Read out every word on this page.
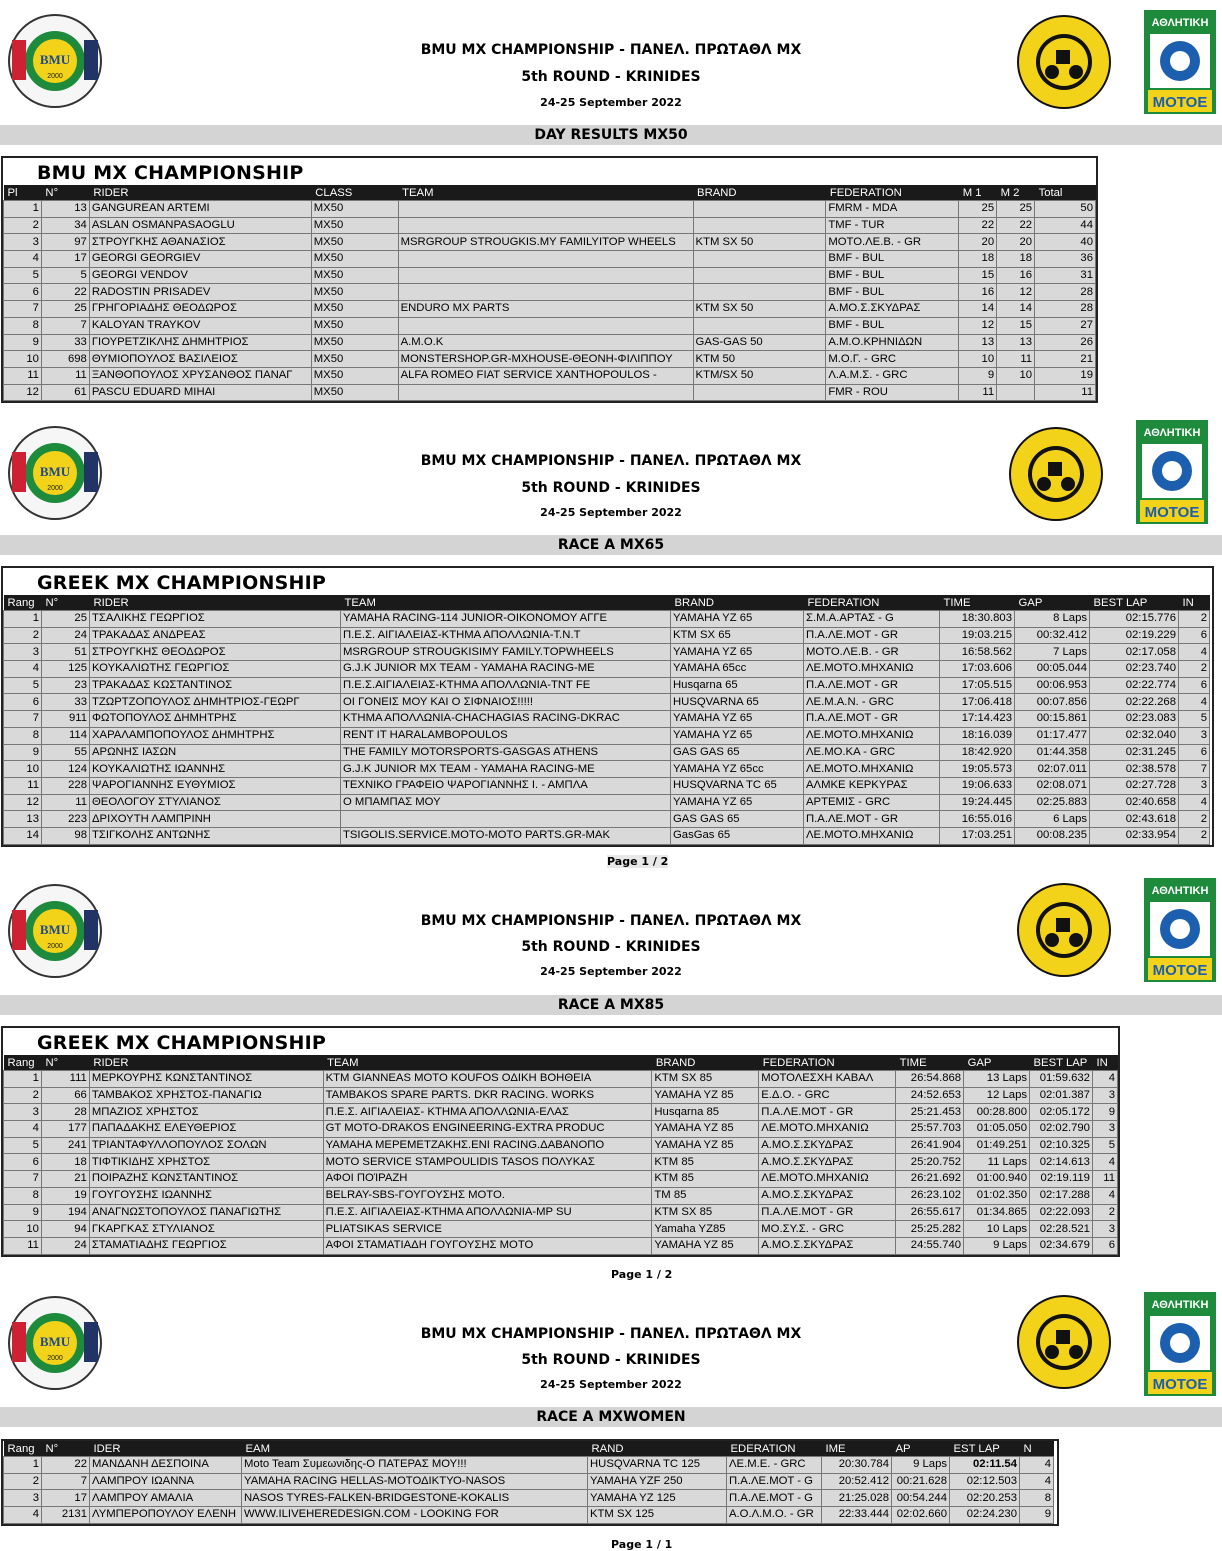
BMU
2000
BMU MX CHAMPIONSHIP - ΠΑΝΕΛ. ΠΡΩΤΑΘΛ MX
5th ROUND - KRINIDES
24-25 September 2022
ΑΘΛΗΤΙΚΗ
ΜΟΤΟΕ
DAY RESULTS MX50
BMU MX CHAMPIONSHIP
Pl	N°	RIDER	CLASS	TEAM	BRAND	FEDERATION	M 1	M 2	Total
1	13	GANGUREAN ARTEMI	MX50			FMRM - MDA	25	25	50
2	34	ASLAN OSMANPASAOGLU	MX50			TMF - TUR	22	22	44
3	97	ΣΤΡΟΥΓΚΗΣ ΑΘΑΝΑΣΙΟΣ	MX50	MSRGROUP STROUGKIS.MY FAMILYITOP WHEELS	KTM SX 50	ΜΟΤΟ.ΛΕ.Β. - GR	20	20	40
4	17	GEORGI GEORGIEV	MX50			BMF - BUL	18	18	36
5	5	GEORGI VENDOV	MX50			BMF - BUL	15	16	31
6	22	RADOSTIN PRISADEV	MX50			BMF - BUL	16	12	28
7	25	ΓΡΗΓΟΡΙΑΔΗΣ ΘΕΟΔΩΡΟΣ	MX50	ENDURO MX PARTS	KTM SX 50	Α.ΜΟ.Σ.ΣΚΥΔΡΑΣ	14	14	28
8	7	KALOYAN TRAYKOV	MX50			BMF - BUL	12	15	27
9	33	ΓΙΟΥΡΕΤΖΙΚΛΗΣ ΔΗΜΗΤΡΙΟΣ	MX50	Α.Μ.Ο.Κ	GAS-GAS 50	Α.Μ.Ο.ΚΡΗΝΙΔΩΝ	13	13	26
10	698	ΘΥΜΙΟΠΟΥΛΟΣ ΒΑΣΙΛΕΙΟΣ	MX50	MONSTERSHOP.GR-MXHOUSE-ΘΕΟΝΗ-ΦΙΛΙΠΠΟΥ	KTM 50	Μ.Ο.Γ. - GRC	10	11	21
11	11	ΞΑΝΘΟΠΟΥΛΟΣ ΧΡΥΣΑΝΘΟΣ ΠΑΝΑΓ	MX50	ALFA ROMEO FIAT SERVICE XANTHOPOULOS -	KTM/SX 50	Λ.Α.Μ.Σ. - GRC	9	10	19
12	61	PASCU EDUARD MIHAI	MX50			FMR - ROU	11		11
BMU
2000
BMU MX CHAMPIONSHIP - ΠΑΝΕΛ. ΠΡΩΤΑΘΛ MX
5th ROUND - KRINIDES
24-25 September 2022
ΑΘΛΗΤΙΚΗ
ΜΟΤΟΕ
RACE A MX65
GREEK MX CHAMPIONSHIP
Rang	N°	RIDER	TEAM	BRAND	FEDERATION	TIME	GAP	BEST LAP	IN
1	25	ΤΣΑΛΙΚΗΣ ΓΕΩΡΓΙΟΣ	YAMAHA RACING-114 JUNIOR-ΟΙΚΟΝΟΜΟΥ ΑΓΓΕ	YAMAHA YZ 65	Σ.Μ.Α.ΑΡΤΑΣ - G	18:30.803	8 Laps	02:15.776	2
2	24	ΤΡΑΚΑΔΑΣ ΑΝΔΡΕΑΣ	Π.Ε.Σ. ΑΙΓΙΑΛΕΙΑΣ-ΚΤΗΜΑ ΑΠΟΛΛΩΝΙΑ-Τ.Ν.Τ	KTM SX 65	Π.Α.ΛΕ.ΜΟΤ - GR	19:03.215	00:32.412	02:19.229	6
3	51	ΣΤΡΟΥΓΚΗΣ ΘΕΟΔΩΡΟΣ	MSRGROUP STROUGKISIMY FAMILY.TOPWHEELS	YAMAHA YZ 65	ΜΟΤΟ.ΛΕ.Β. - GR	16:58.562	7 Laps	02:17.058	4
4	125	ΚΟΥΚΑΛΙΩΤΗΣ ΓΕΩΡΓΙΟΣ	G.J.K JUNIOR MX TEAM - YAMAHA RACING-ME	YAMAHA 65cc	ΛΕ.ΜΟΤΟ.ΜΗΧΑΝΙΩ	17:03.606	00:05.044	02:23.740	2
5	23	ΤΡΑΚΑΔΑΣ ΚΩΣΤΑΝΤΙΝΟΣ	Π.Ε.Σ.ΑΙΓΙΑΛΕΙΑΣ-ΚΤΗΜΑ ΑΠΟΛΛΩΝΙΑ-TNT FE	Husqarna 65	Π.Α.ΛΕ.ΜΟΤ - GR	17:05.515	00:06.953	02:22.774	6
6	33	ΤΖΩΡΤΖΟΠΟΥΛΟΣ ΔΗΜΗΤΡΙΟΣ-ΓΕΩΡΓ	ΟΙ ΓΟΝΕΙΣ ΜΟΥ ΚΑΙ Ο ΣΙΦΝΑΙΟΣ!!!!!	HUSQVARNA 65	ΛΕ.Μ.Α.Ν. - GRC	17:06.418	00:07.856	02:22.268	4
7	911	ΦΩΤΟΠΟΥΛΟΣ ΔΗΜΗΤΡΗΣ	ΚΤΗΜΑ ΑΠΟΛΛΩΝΙΑ-CHACHAGIAS RACING-DKRAC	YAMAHA YZ 65	Π.Α.ΛΕ.ΜΟΤ - GR	17:14.423	00:15.861	02:23.083	5
8	114	ΧΑΡΑΛΑΜΠΟΠΟΥΛΟΣ ΔΗΜΗΤΡΗΣ	RENT IT HARALAMBOPOULOS	YAMAHA YZ 65	ΛΕ.ΜΟΤΟ.ΜΗΧΑΝΙΩ	18:16.039	01:17.477	02:32.040	3
9	55	ΑΡΩΝΗΣ ΙΑΣΩΝ	THE FAMILY MOTORSPORTS-GASGAS ATHENS	GAS GAS 65	ΛΕ.ΜΟ.ΚΑ - GRC	18:42.920	01:44.358	02:31.245	6
10	124	ΚΟΥΚΑΛΙΩΤΗΣ ΙΩΑΝΝΗΣ	G.J.K JUNIOR MX TEAM - YAMAHA RACING-ME	YAMAHA YZ 65cc	ΛΕ.ΜΟΤΟ.ΜΗΧΑΝΙΩ	19:05.573	02:07.011	02:38.578	7
11	228	ΨΑΡΟΓΙΑΝΝΗΣ ΕΥΘΥΜΙΟΣ	ΤΕΧΝΙΚΟ ΓΡΑΦΕΙΟ ΨΑΡΟΓΙΑΝΝΗΣ Ι. - ΑΜΠΛΑ	HUSQVARNA TC 65	ΑΛΜΚΕ ΚΕΡΚΥΡΑΣ	19:06.633	02:08.071	02:27.728	3
12	11	ΘΕΟΛΟΓΟΥ ΣΤΥΛΙΑΝΟΣ	Ο ΜΠΑΜΠΑΣ ΜΟΥ	YAMAHA YZ 65	ΑΡΤΕΜΙΣ - GRC	19:24.445	02:25.883	02:40.658	4
13	223	ΔΡΙΧΟΥΤΗ ΛΑΜΠΡΙΝΗ		GAS GAS 65	Π.Α.ΛΕ.ΜΟΤ - GR	16:55.016	6 Laps	02:43.618	2
14	98	ΤΣΙΓΚΟΛΗΣ ΑΝΤΩΝΗΣ	TSIGOLIS.SERVICE.MOTO-MOTO PARTS.GR-MAK	GasGas 65	ΛΕ.ΜΟΤΟ.ΜΗΧΑΝΙΩ	17:03.251	00:08.235	02:33.954	2
Page 1 / 2
BMU
2000
BMU MX CHAMPIONSHIP - ΠΑΝΕΛ. ΠΡΩΤΑΘΛ MX
5th ROUND - KRINIDES
24-25 September 2022
ΑΘΛΗΤΙΚΗ
ΜΟΤΟΕ
RACE A MX85
GREEK MX CHAMPIONSHIP
Rang	N°	RIDER	TEAM	BRAND	FEDERATION	TIME	GAP	BEST LAP	IN
1	111	ΜΕΡΚΟΥΡΗΣ ΚΩΝΣΤΑΝΤΙΝΟΣ	KTM GIANNEAS MOTO KOUFOS ΟΔΙΚΗ ΒΟΗΘΕΙΑ	KTM SX 85	ΜΟΤΟΛΕΣΧΗ ΚΑΒΑΛ	26:54.868	13 Laps	01:59.632	4
2	66	ΤΑΜΒΑΚΟΣ ΧΡΗΣΤΟΣ-ΠΑΝΑΓΙΩ	TAMBAKOS SPARE PARTS. DKR RACING. WORKS	YAMAHA YZ 85	Ε.Δ.Ο. - GRC	24:52.653	12 Laps	02:01.387	3
3	28	ΜΠΑΖΙΟΣ ΧΡΗΣΤΟΣ	Π.Ε.Σ. ΑΙΓΙΑΛΕΙΑΣ- ΚΤΗΜΑ ΑΠΟΛΛΩΝΙΑ-ΕΛΑΣ	Husqarna 85	Π.Α.ΛΕ.ΜΟΤ - GR	25:21.453	00:28.800	02:05.172	9
4	177	ΠΑΠΑΔΑΚΗΣ ΕΛΕΥΘΕΡΙΟΣ	GT MOTO-DRAKOS ENGINEERING-EXTRA PRODUC	YAMAHA YZ 85	ΛΕ.ΜΟΤΟ.ΜΗΧΑΝΙΩ	25:57.703	01:05.050	02:02.790	3
5	241	ΤΡΙΑΝΤΑΦΥΛΛΟΠΟΥΛΟΣ ΣΟΛΩΝ	YAMAHA ΜΕΡΕΜΕΤΖΑΚΗΣ.ENI RACING.ΔΑΒΑΝΟΠΟ	YAMAHA YZ 85	Α.ΜΟ.Σ.ΣΚΥΔΡΑΣ	26:41.904	01:49.251	02:10.325	5
6	18	ΤΙΦΤΙΚΙΔΗΣ ΧΡΗΣΤΟΣ	MOTO SERVICE STAMPOULIDIS TASOS ΠΟΛΥΚΑΣ	KTM 85	Α.ΜΟ.Σ.ΣΚΥΔΡΑΣ	25:20.752	11 Laps	02:14.613	4
7	21	ΠΟΙΡΑΖΗΣ ΚΩΝΣΤΑΝΤΙΝΟΣ	ΑΦΟΙ ΠΟΊΡΑΖΗ	KTM 85	ΛΕ.ΜΟΤΟ.ΜΗΧΑΝΙΩ	26:21.692	01:00.940	02:19.119	11
8	19	ΓΟΥΓΟΥΣΗΣ ΙΩΑΝΝΗΣ	BELRAY-SBS-ΓΟΥΓΟΥΣΗΣ MOTO.	TM 85	Α.ΜΟ.Σ.ΣΚΥΔΡΑΣ	26:23.102	01:02.350	02:17.288	4
9	194	ΑΝΑΓΝΩΣΤΟΠΟΥΛΟΣ ΠΑΝΑΓΙΩΤΗΣ	Π.Ε.Σ. ΑΙΓΙΑΛΕΙΑΣ-ΚΤΗΜΑ ΑΠΟΛΛΩΝΙΑ-MP SU	KTM SX 85	Π.Α.ΛΕ.ΜΟΤ - GR	26:55.617	01:34.865	02:22.093	2
10	94	ΓΚΑΡΓΚΑΣ ΣΤΥΛΙΑΝΟΣ	PLIATSIKAS SERVICE	Yamaha YZ85	ΜΟ.ΣΥ.Σ. - GRC	25:25.282	10 Laps	02:28.521	3
11	24	ΣΤΑΜΑΤΙΑΔΗΣ ΓΕΩΡΓΙΟΣ	ΑΦΟΙ ΣΤΑΜΑΤΙΑΔΗ ΓΟΥΓΟΥΣΗΣ ΜΟΤΟ	YAMAHA YZ 85	Α.ΜΟ.Σ.ΣΚΥΔΡΑΣ	24:55.740	9 Laps	02:34.679	6
Page 1 / 2
BMU
2000
BMU MX CHAMPIONSHIP - ΠΑΝΕΛ. ΠΡΩΤΑΘΛ MX
5th ROUND - KRINIDES
24-25 September 2022
ΑΘΛΗΤΙΚΗ
ΜΟΤΟΕ
RACE A MXWOMEN
Rang	N°	IDER	EAM	RAND	EDERATION	IME	AP	EST LAP	N
1	22	ΜΑΝΔΑΝΗ ΔΕΣΠΟΙΝΑ	Moto Team Συμεωνιδης-Ο ΠΑΤΕΡΑΣ ΜΟΥ!!!	HUSQVARNA TC 125	ΛΕ.Μ.Ε. - GRC	20:30.784	9 Laps	02:11.54	4
2	7	ΛΑΜΠΡΟΥ ΙΩΑΝΝΑ	YAMAHA RACING HELLAS-ΜΟΤΟΔΙΚΤΥΟ-NASOS	YAMAHA YZF 250	Π.Α.ΛΕ.ΜΟΤ - G	20:52.412	00:21.628	02:12.503	4
3	17	ΛΑΜΠΡΟΥ ΑΜΑΛΙΑ	NASOS TYRES-FALKEN-BRIDGESTONE-KOKALIS	YAMAHA YZ 125	Π.Α.ΛΕ.ΜΟΤ - G	21:25.028	00:54.244	02:20.253	8
4	2131	ΛΥΜΠΕΡΟΠΟΥΛΟΥ ΕΛΕΝΗ	WWW.ILIVEHEREDESIGN.COM - LOOKING FOR	KTM SX 125	Α.Ο.Λ.Μ.Ο. - GR	22:33.444	02:02.660	02:24.230	9
Page 1 / 1
